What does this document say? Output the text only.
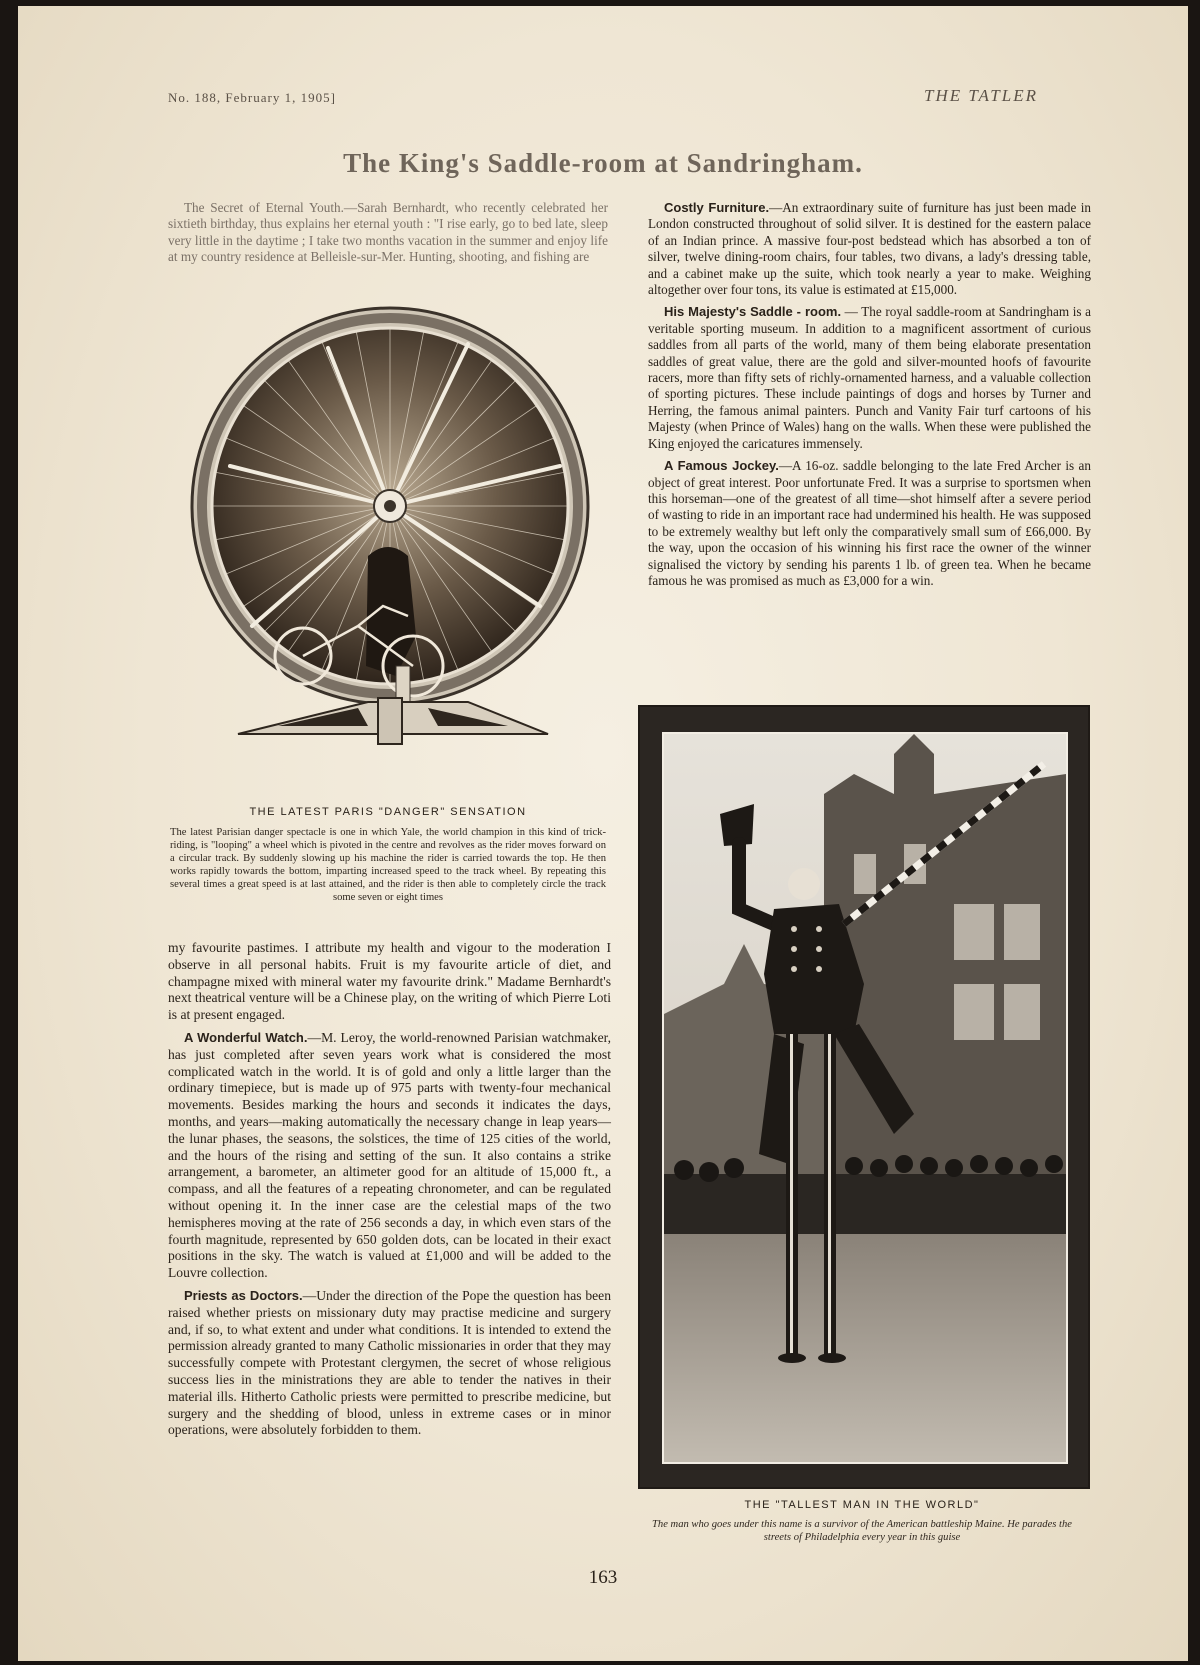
No. 188, February 1, 1905]	THE TATLER
The King's Saddle-room at Sandringham.

The Secret of Eternal Youth.—Sarah Bernhardt, who recently celebrated her sixtieth birthday, thus explains her eternal youth : "I rise early, go to bed late, sleep very little in the daytime ; I take two months vacation in the summer and enjoy life at my country residence at Belleisle-sur-Mer. Hunting, shooting, and fishing are

THE LATEST PARIS "DANGER" SENSATION
The latest Parisian danger spectacle is one in which Yale, the world champion in this kind of trick-riding, is "looping" a wheel which is pivoted in the centre and revolves as the rider moves forward on a circular track. By suddenly slowing up his machine the rider is carried towards the top. He then works rapidly towards the bottom, imparting increased speed to the track wheel. By repeating this several times a great speed is at last attained, and the rider is then able to completely circle the track some seven or eight times

my favourite pastimes. I attribute my health and vigour to the moderation I observe in all personal habits. Fruit is my favourite article of diet, and champagne mixed with mineral water my favourite drink." Madame Bernhardt's next theatrical venture will be a Chinese play, on the writing of which Pierre Loti is at present engaged.

A Wonderful Watch.—M. Leroy, the world-renowned Parisian watchmaker, has just completed after seven years work what is considered the most complicated watch in the world. It is of gold and only a little larger than the ordinary timepiece, but is made up of 975 parts with twenty-four mechanical movements. Besides marking the hours and seconds it indicates the days, months, and years—making automatically the necessary change in leap years—the lunar phases, the seasons, the solstices, the time of 125 cities of the world, and the hours of the rising and setting of the sun. It also contains a strike arrangement, a barometer, an altimeter good for an altitude of 15,000 ft., a compass, and all the features of a repeating chronometer, and can be regulated without opening it. In the inner case are the celestial maps of the two hemispheres moving at the rate of 256 seconds a day, in which even stars of the fourth magnitude, represented by 650 golden dots, can be located in their exact positions in the sky. The watch is valued at £1,000 and will be added to the Louvre collection.

Priests as Doctors.—Under the direction of the Pope the question has been raised whether priests on missionary duty may practise medicine and surgery and, if so, to what extent and under what conditions. It is intended to extend the permission already granted to many Catholic missionaries in order that they may successfully compete with Protestant clergymen, the secret of whose religious success lies in the ministrations they are able to tender the natives in their material ills. Hitherto Catholic priests were permitted to prescribe medicine, but surgery and the shedding of blood, unless in extreme cases or in minor operations, were absolutely forbidden to them.

Costly Furniture.—An extraordinary suite of furniture has just been made in London constructed throughout of solid silver. It is destined for the eastern palace of an Indian prince. A massive four-post bedstead which has absorbed a ton of silver, twelve dining-room chairs, four tables, two divans, a lady's dressing table, and a cabinet make up the suite, which took nearly a year to make. Weighing altogether over four tons, its value is estimated at £15,000.

His Majesty's Saddle - room. — The royal saddle-room at Sandringham is a veritable sporting museum. In addition to a magnificent assortment of curious saddles from all parts of the world, many of them being elaborate presentation saddles of great value, there are the gold and silver-mounted hoofs of favourite racers, more than fifty sets of richly-ornamented harness, and a valuable collection of sporting pictures. These include paintings of dogs and horses by Turner and Herring, the famous animal painters. Punch and Vanity Fair turf cartoons of his Majesty (when Prince of Wales) hang on the walls. When these were published the King enjoyed the caricatures immensely.

A Famous Jockey.—A 16-oz. saddle belonging to the late Fred Archer is an object of great interest. Poor unfortunate Fred. It was a surprise to sportsmen when this horseman—one of the greatest of all time—shot himself after a severe period of wasting to ride in an important race had undermined his health. He was supposed to be extremely wealthy but left only the comparatively small sum of £66,000. By the way, upon the occasion of his winning his first race the owner of the winner signalised the victory by sending his parents 1 lb. of green tea. When he became famous he was promised as much as £3,000 for a win.

THE "TALLEST MAN IN THE WORLD"
The man who goes under this name is a survivor of the American battleship Maine. He parades the streets of Philadelphia every year in this guise
163
